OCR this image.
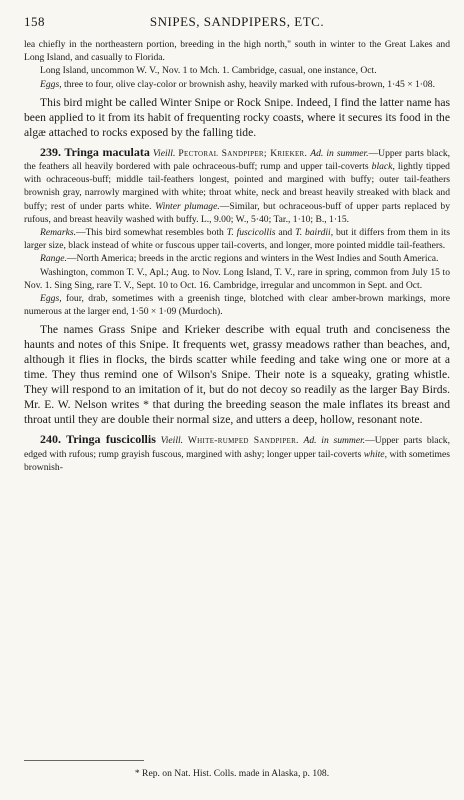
158	SNIPES, SANDPIPERS, ETC.

lea chiefly in the northeastern portion, breeding in the high north," south in winter to the Great Lakes and Long Island, and casually to Florida.

Long Island, uncommon W. V., Nov. 1 to Mch. 1. Cambridge, casual, one instance, Oct.

Eggs, three to four, olive clay-color or brownish ashy, heavily marked with rufous-brown, 1·45 × 1·08.

This bird might be called Winter Snipe or Rock Snipe. Indeed, I find the latter name has been applied to it from its habit of frequenting rocky coasts, where it secures its food in the algæ attached to rocks exposed by the falling tide.

239. Tringa maculata Vieill. Pectoral Sandpiper; Krieker. Ad. in summer.—Upper parts black, the feathers all heavily bordered with pale ochraceous-buff; rump and upper tail-coverts black, lightly tipped with ochraceous-buff; middle tail-feathers longest, pointed and margined with buffy; outer tail-feathers brownish gray, narrowly margined with white; throat white, neck and breast heavily streaked with black and buffy; rest of under parts white. Winter plumage.—Similar, but ochraceous-buff of upper parts replaced by rufous, and breast heavily washed with buffy. L., 9.00; W., 5·40; Tar., 1·10; B., 1·15.

Remarks.—This bird somewhat resembles both T. fuscicollis and T. bairdii, but it differs from them in its larger size, black instead of white or fuscous upper tail-coverts, and longer, more pointed middle tail-feathers.

Range.—North America; breeds in the arctic regions and winters in the West Indies and South America.

Washington, common T. V., Apl.; Aug. to Nov. Long Island, T. V., rare in spring, common from July 15 to Nov. 1. Sing Sing, rare T. V., Sept. 10 to Oct. 16. Cambridge, irregular and uncommon in Sept. and Oct.

Eggs, four, drab, sometimes with a greenish tinge, blotched with clear amber-brown markings, more numerous at the larger end, 1·50 × 1·09 (Murdoch).

The names Grass Snipe and Krieker describe with equal truth and conciseness the haunts and notes of this Snipe. It frequents wet, grassy meadows rather than beaches, and, although it flies in flocks, the birds scatter while feeding and take wing one or more at a time. They thus remind one of Wilson's Snipe. Their note is a squeaky, grating whistle. They will respond to an imitation of it, but do not decoy so readily as the larger Bay Birds. Mr. E. W. Nelson writes * that during the breeding season the male inflates its breast and throat until they are double their normal size, and utters a deep, hollow, resonant note.

240. Tringa fuscicollis Vieill. White-rumped Sandpiper. Ad. in summer.—Upper parts black, edged with rufous; rump grayish fuscous, margined with ashy; longer upper tail-coverts white, with sometimes brownish-

* Rep. on Nat. Hist. Colls. made in Alaska, p. 108.
